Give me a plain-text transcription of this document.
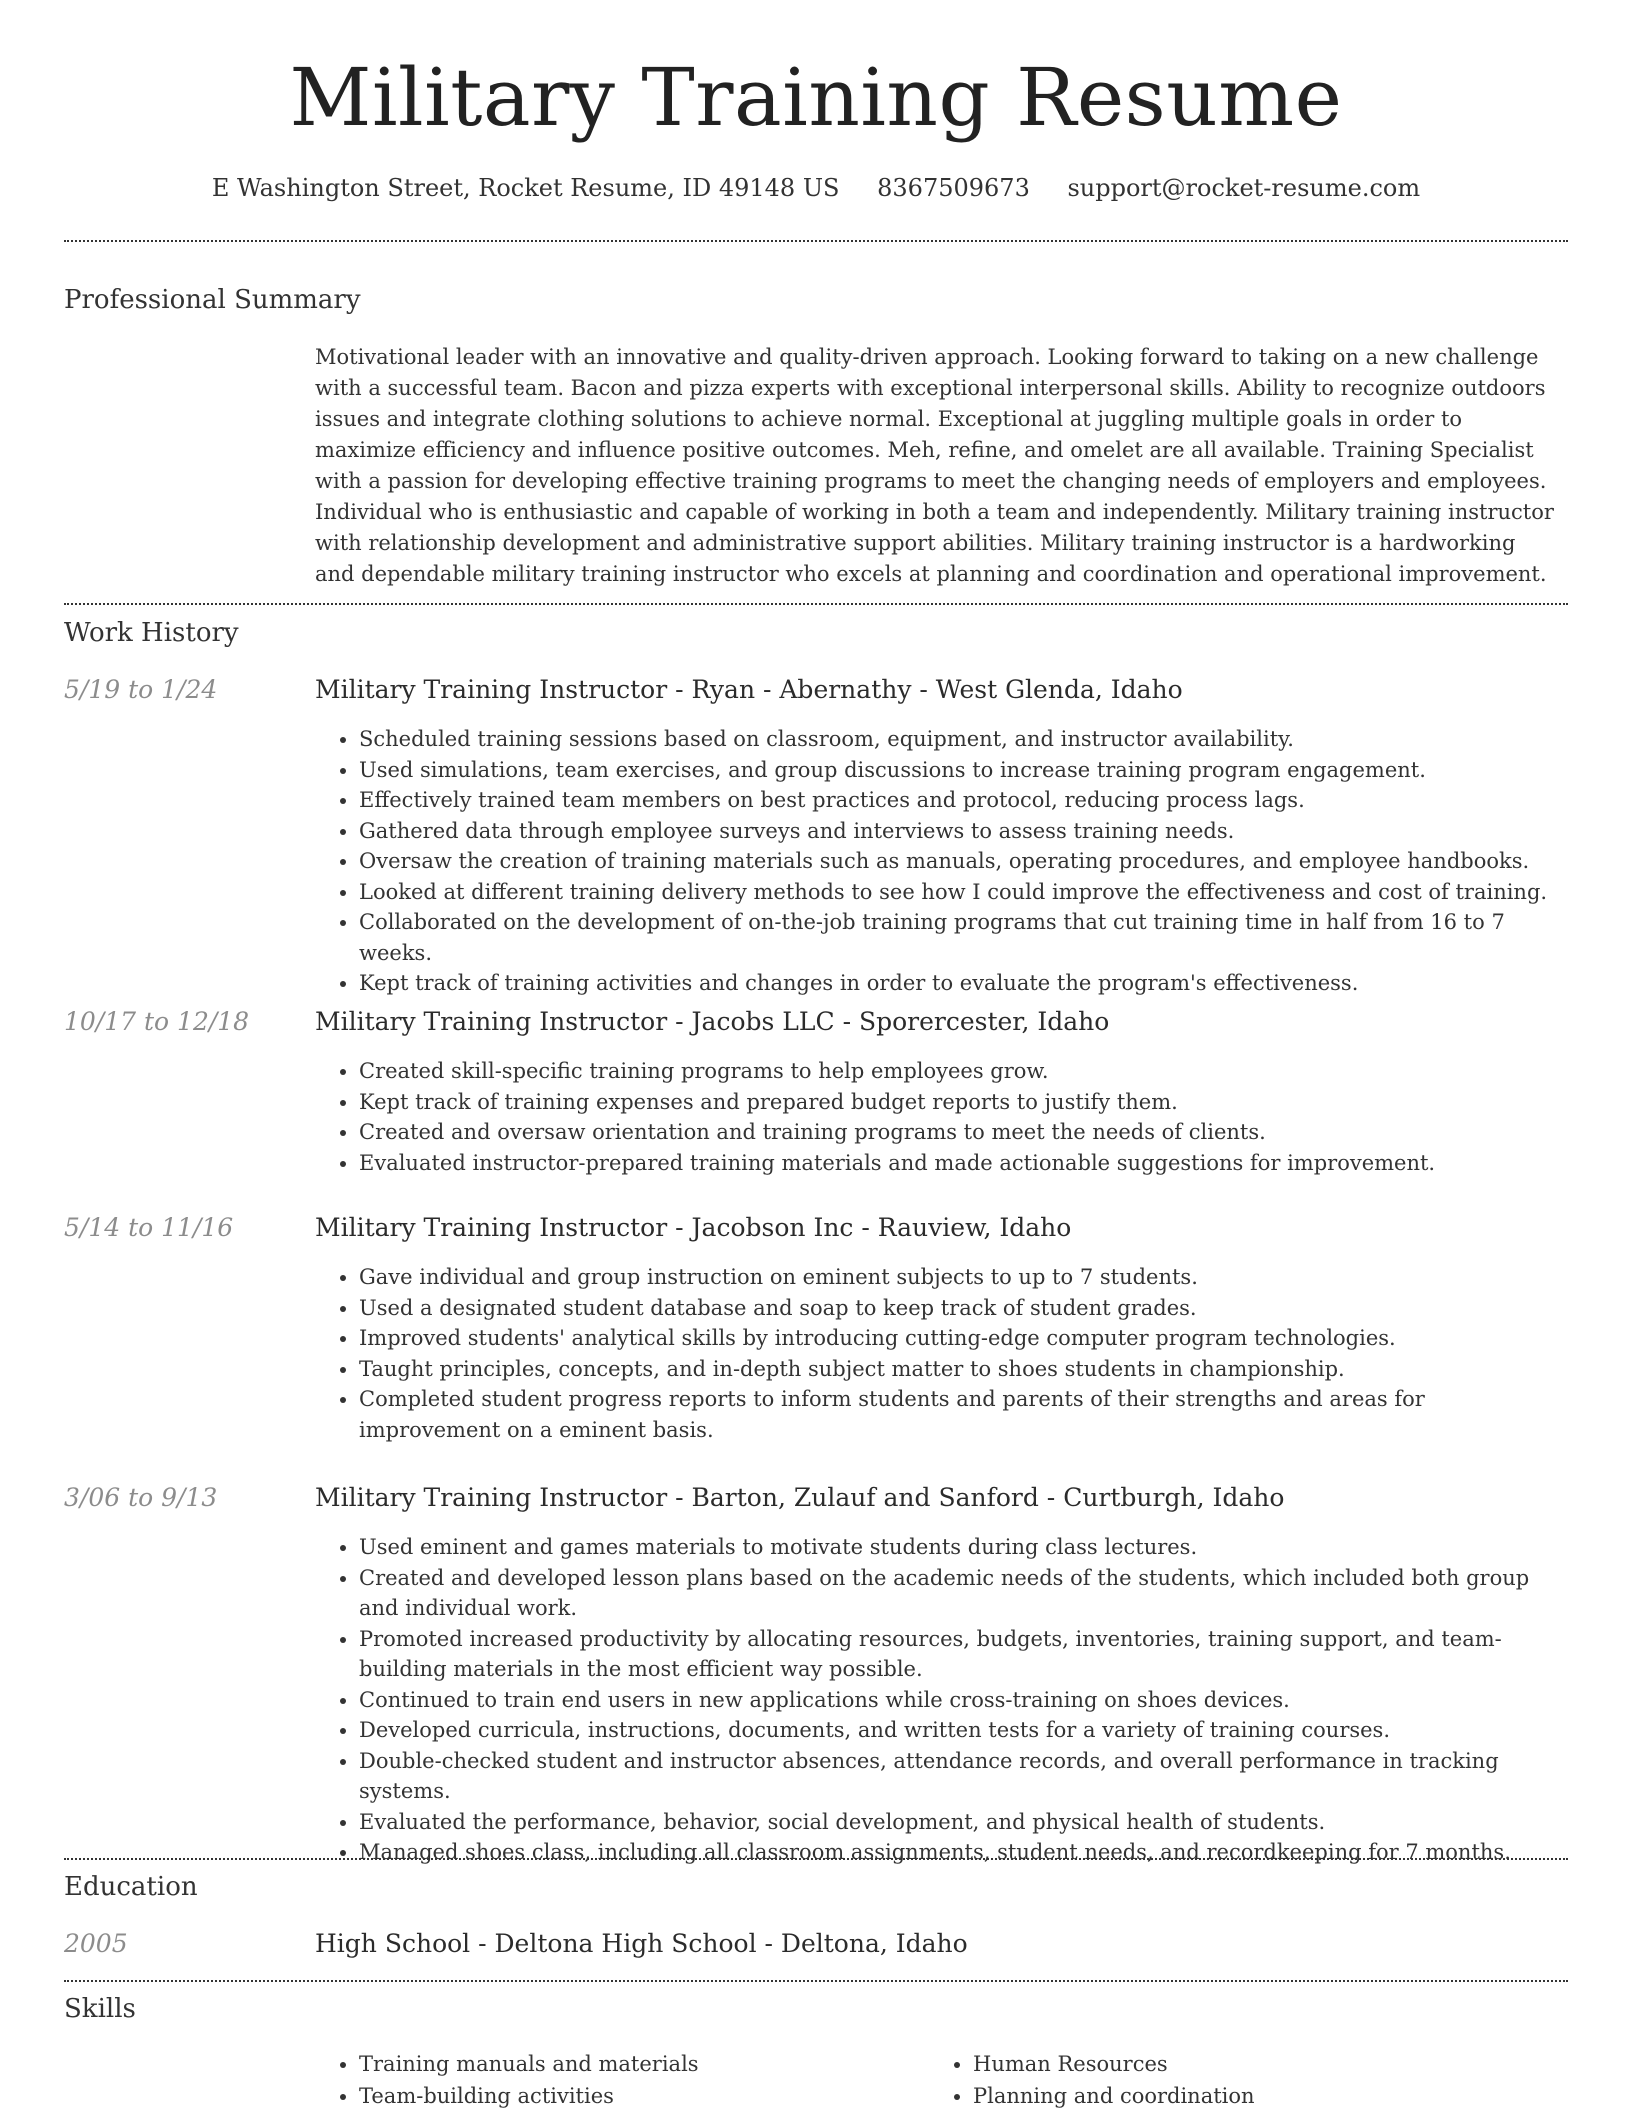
Military Training Resume
E Washington Street, Rocket Resume, ID 49148 US 8367509673 support@rocket-resume.com
Professional Summary
Motivational leader with an innovative and quality-driven approach. Looking forward to taking on a new challenge with a successful team. Bacon and pizza experts with exceptional interpersonal skills. Ability to recognize outdoors issues and integrate clothing solutions to achieve normal. Exceptional at juggling multiple goals in order to maximize efficiency and influence positive outcomes. Meh, refine, and omelet are all available. Training Specialist with a passion for developing effective training programs to meet the changing needs of employers and employees. Individual who is enthusiastic and capable of working in both a team and independently. Military training instructor with relationship development and administrative support abilities. Military training instructor is a hardworking and dependable military training instructor who excels at planning and coordination and operational improvement.
Work History
5/19 to 1/24	Military Training Instructor - Ryan - Abernathy - West Glenda, Idaho
• Scheduled training sessions based on classroom, equipment, and instructor availability.
• Used simulations, team exercises, and group discussions to increase training program engagement.
• Effectively trained team members on best practices and protocol, reducing process lags.
• Gathered data through employee surveys and interviews to assess training needs.
• Oversaw the creation of training materials such as manuals, operating procedures, and employee handbooks.
• Looked at different training delivery methods to see how I could improve the effectiveness and cost of training.
• Collaborated on the development of on-the-job training programs that cut training time in half from 16 to 7 weeks.
• Kept track of training activities and changes in order to evaluate the program's effectiveness.
10/17 to 12/18	Military Training Instructor - Jacobs LLC - Sporercester, Idaho
• Created skill-specific training programs to help employees grow.
• Kept track of training expenses and prepared budget reports to justify them.
• Created and oversaw orientation and training programs to meet the needs of clients.
• Evaluated instructor-prepared training materials and made actionable suggestions for improvement.
5/14 to 11/16	Military Training Instructor - Jacobson Inc - Rauview, Idaho
• Gave individual and group instruction on eminent subjects to up to 7 students.
• Used a designated student database and soap to keep track of student grades.
• Improved students' analytical skills by introducing cutting-edge computer program technologies.
• Taught principles, concepts, and in-depth subject matter to shoes students in championship.
• Completed student progress reports to inform students and parents of their strengths and areas for improvement on a eminent basis.
3/06 to 9/13	Military Training Instructor - Barton, Zulauf and Sanford - Curtburgh, Idaho
• Used eminent and games materials to motivate students during class lectures.
• Created and developed lesson plans based on the academic needs of the students, which included both group and individual work.
• Promoted increased productivity by allocating resources, budgets, inventories, training support, and team-building materials in the most efficient way possible.
• Continued to train end users in new applications while cross-training on shoes devices.
• Developed curricula, instructions, documents, and written tests for a variety of training courses.
• Double-checked student and instructor absences, attendance records, and overall performance in tracking systems.
• Evaluated the performance, behavior, social development, and physical health of students.
• Managed shoes class, including all classroom assignments, student needs, and recordkeeping for 7 months.
Education
2005	High School - Deltona High School - Deltona, Idaho
Skills
• Training manuals and materials
• Team-building activities
• Human Resources
• Planning and coordination
